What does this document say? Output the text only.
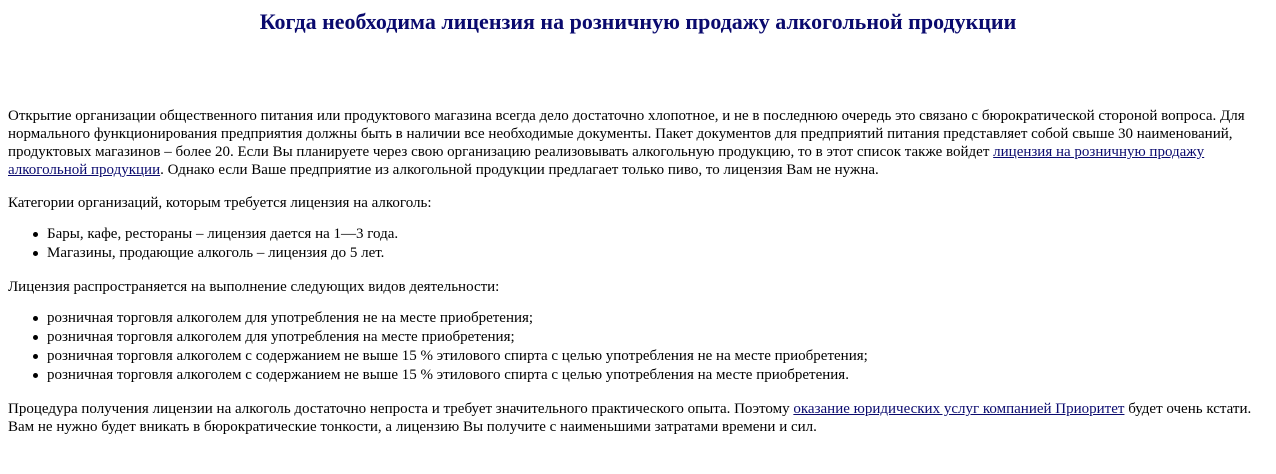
Когда необходима лицензия на розничную продажу алкогольной продукции

Открытие организации общественного питания или продуктового магазина всегда дело достаточно хлопотное, и не в последнюю очередь это связано с бюрократической стороной вопроса. Для нормального функционирования предприятия должны быть в наличии все необходимые документы. Пакет документов для предприятий питания представляет собой свыше 30 наименований, продуктовых магазинов – более 20. Если Вы планируете через свою организацию реализовывать алкогольную продукцию, то в этот список также войдет лицензия на розничную продажу алкогольной продукции. Однако если Ваше предприятие из алкогольной продукции предлагает только пиво, то лицензия Вам не нужна.

Категории организаций, которым требуется лицензия на алкоголь:

Бары, кафе, рестораны – лицензия дается на 1—3 года.
Магазины, продающие алкоголь – лицензия до 5 лет.

Лицензия распространяется на выполнение следующих видов деятельности:

розничная торговля алкоголем для употребления не на месте приобретения;
розничная торговля алкоголем для употребления на месте приобретения;
розничная торговля алкоголем с содержанием не выше 15 % этилового спирта с целью употребления не на месте приобретения;
розничная торговля алкоголем с содержанием не выше 15 % этилового спирта с целью употребления на месте приобретения.

Процедура получения лицензии на алкоголь достаточно непроста и требует значительного практического опыта. Поэтому оказание юридических услуг компанией Приоритет будет очень кстати. Вам не нужно будет вникать в бюрократические тонкости, а лицензию Вы получите с наименьшими затратами времени и сил.
